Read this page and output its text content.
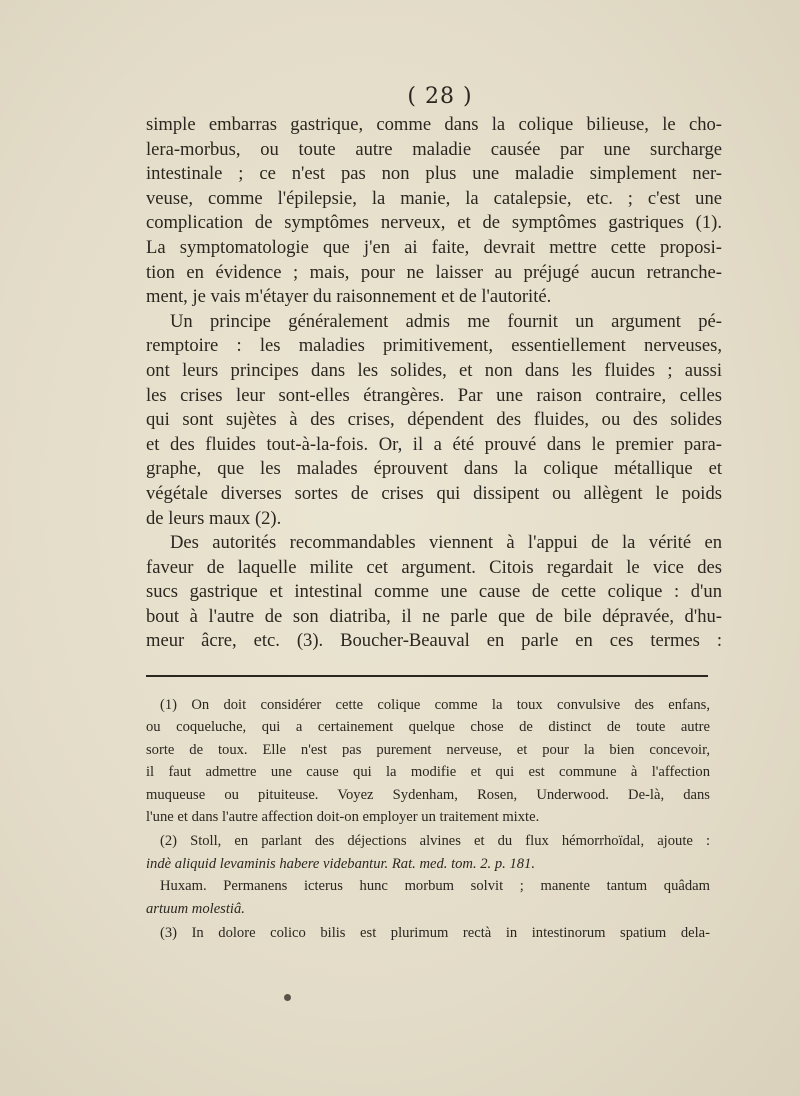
( 28 )

simple embarras gastrique, comme dans la colique bilieuse, le cho-

lera-morbus, ou toute autre maladie causée par une surcharge

intestinale ; ce n'est pas non plus une maladie simplement ner-

veuse, comme l'épilepsie, la manie, la catalepsie, etc. ; c'est une

complication de symptômes nerveux, et de symptômes gastriques (1).

La symptomatologie que j'en ai faite, devrait mettre cette proposi-

tion en évidence ; mais, pour ne laisser au préjugé aucun retranche-

ment, je vais m'étayer du raisonnement et de l'autorité.

Un principe généralement admis me fournit un argument pé-

remptoire : les maladies primitivement, essentiellement nerveuses,

ont leurs principes dans les solides, et non dans les fluides ; aussi

les crises leur sont-elles étrangères. Par une raison contraire, celles

qui sont sujètes à des crises, dépendent des fluides, ou des solides

et des fluides tout-à-la-fois. Or, il a été prouvé dans le premier para-

graphe, que les malades éprouvent dans la colique métallique et

végétale diverses sortes de crises qui dissipent ou allègent le poids

de leurs maux (2).

Des autorités recommandables viennent à l'appui de la vérité en

faveur de laquelle milite cet argument. Citois regardait le vice des

sucs gastrique et intestinal comme une cause de cette colique : d'un

bout à l'autre de son diatriba, il ne parle que de bile dépravée, d'hu-

meur âcre, etc. (3). Boucher-Beauval en parle en ces termes :

(1) On doit considérer cette colique comme la toux convulsive des enfans,

ou coqueluche, qui a certainement quelque chose de distinct de toute autre

sorte de toux. Elle n'est pas purement nerveuse, et pour la bien concevoir,

il faut admettre une cause qui la modifie et qui est commune à l'affection

muqueuse ou pituiteuse. Voyez Sydenham, Rosen, Underwood. De-là, dans

l'une et dans l'autre affection doit-on employer un traitement mixte.

(2) Stoll, en parlant des déjections alvines et du flux hémorrhoïdal, ajoute :

indè aliquid levaminis habere videbantur. Rat. med. tom. 2. p. 181.

Huxam. Permanens icterus hunc morbum solvit ; manente tantum quâdam

artuum molestiâ.

(3) In dolore colico bilis est plurimum rectà in intestinorum spatium dela-
